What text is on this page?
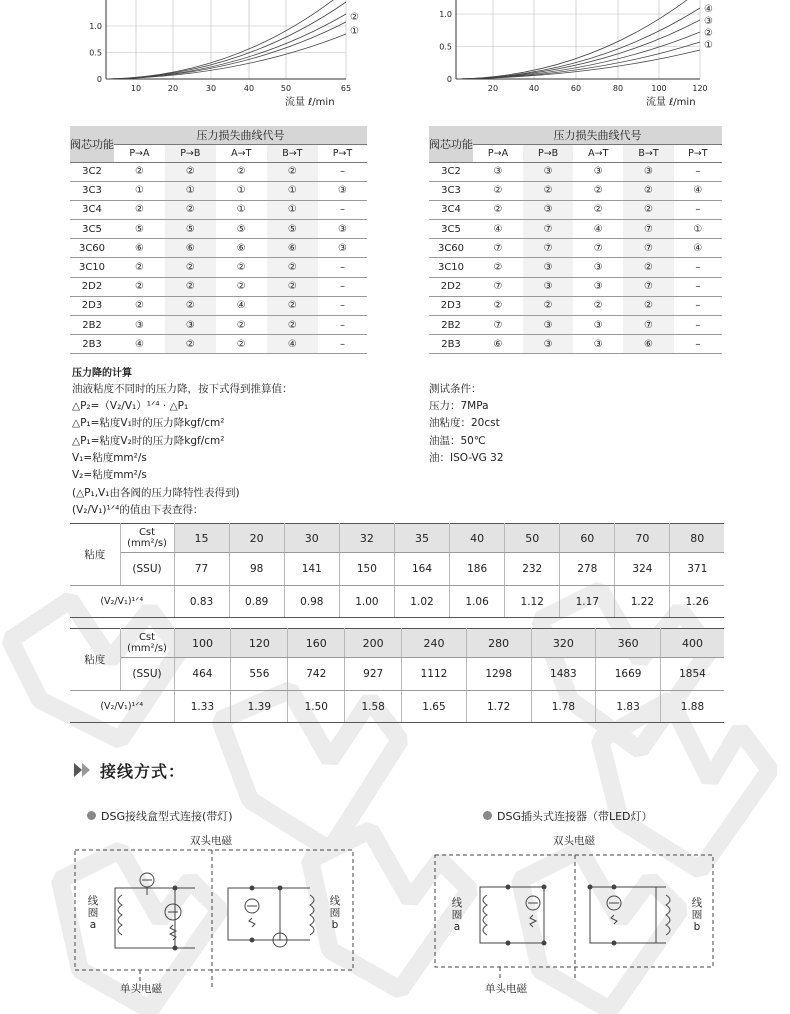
10	20	30	40	50	65
0
0.5
1.0
②
①
流量 ℓ/min
20	40	60	80	100	120
0
0.5
1.0	④
③
②
①
流量 ℓ/min
阀芯功能	压力损失曲线代号				
	P→A	P→B	A→T	B→T	P→T
3C2	②	②	②	②	–
3C3	①	①	①	①	③
3C4	②	②	①	①	–
3C5	⑤	⑤	⑤	⑤	③
3C60	⑥	⑥	⑥	⑥	③
3C10	②	②	②	②	–
2D2	②	②	②	②	–
2D3	②	②	④	②	–
2B2	③	③	②	②	–
2B3	④	②	②	④	–
阀芯功能	压力损失曲线代号				
	P→A	P→B	A→T	B→T	P→T
3C2	③	③	③	③	–
3C3	②	②	②	②	④
3C4	②	③	②	②	–
3C5	④	⑦	④	⑦	①
3C60	⑦	⑦	⑦	⑦	④
3C10	②	③	③	②	–
2D2	⑦	③	③	⑦	–
2D3	②	②	②	②	–
2B2	⑦	③	③	⑦	–
2B3	⑥	③	③	⑥	–
压力降的计算
油液粘度不同时的压力降，按下式得到推算值：
△P₂=（V₂/V₁）¹ᐟ⁴ · △P₁
△P₁=粘度V₁时的压力降kgf/cm²
△P₁=粘度V₂时的压力降kgf/cm²
V₁=粘度mm²/s
V₂=粘度mm²/s
(△P₁,V₁由各阀的压力降特性表得到)
(V₂/V₁)¹ᐟ⁴的值由下表查得：
测试条件：
压力：7MPa
油粘度：20cst
油温：50℃
油：ISO-VG 32
粘度	Cst
(mm²/s)	15	20	30	32	35	40	50	60	70	80
	(SSU)	77	98	141	150	164	186	232	278	324	371
(V₂/V₁)¹ᐟ⁴		0.83	0.89	0.98	1.00	1.02	1.06	1.12	1.17	1.22	1.26
粘度	Cst
(mm²/s)	100	120	160	200	240	280	320	360	400
	(SSU)	464	556	742	927	1112	1298	1483	1669	1854
(V₂/V₁)¹ᐟ⁴		1.33	1.39	1.50	1.58	1.65	1.72	1.78	1.83	1.88
接线方式：
DSG接线盒型式连接(带灯)	DSG插头式连接器（带LED灯）
双头电磁
单头电磁
线圈
a
线圈
b
双头电磁
单头电磁
线圈
a
线圈
b
